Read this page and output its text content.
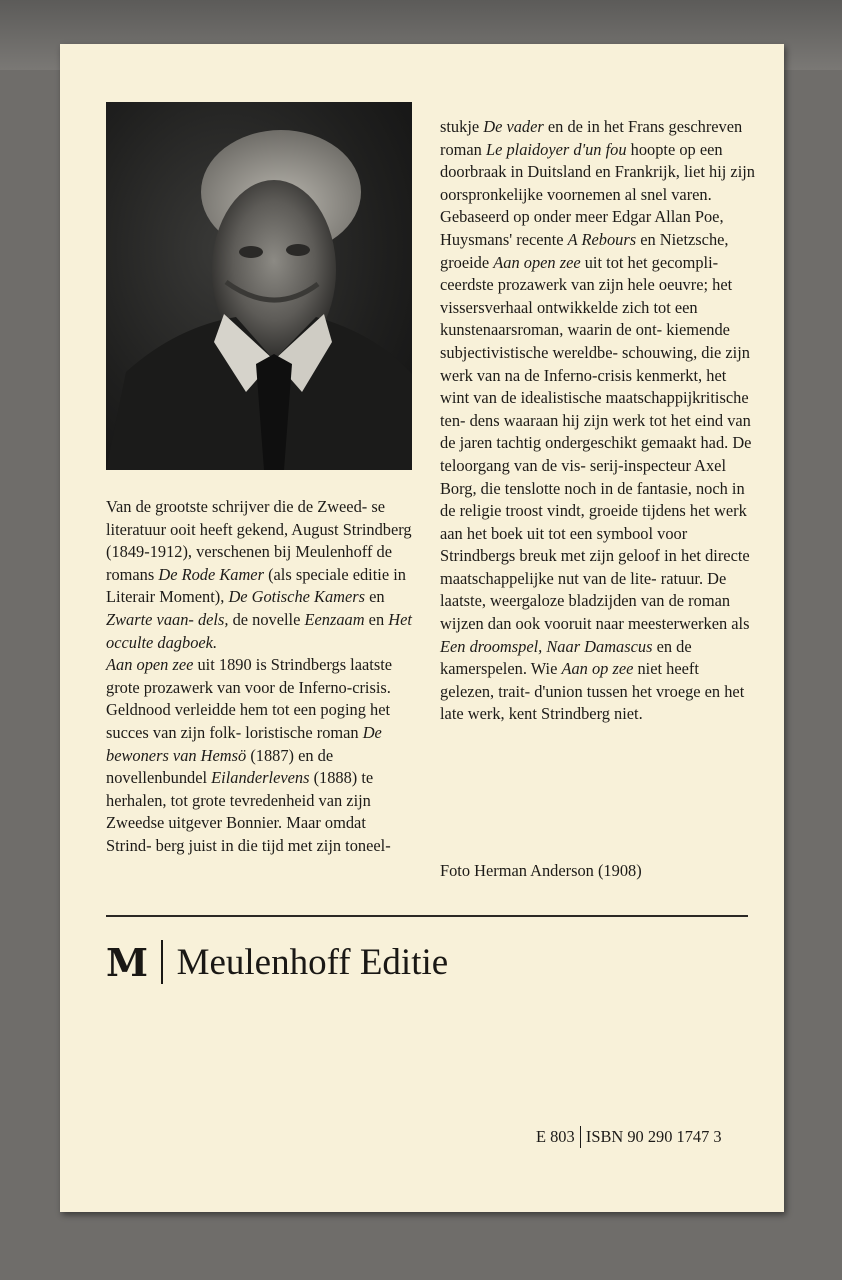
Van de grootste schrijver die de Zweed- se literatuur ooit heeft gekend, August Strindberg (1849-1912), verschenen bij Meulenhoff de romans De Rode Kamer (als speciale editie in Literair Moment), De Gotische Kamers en Zwarte vaan- dels, de novelle Eenzaam en Het occulte dagboek.

Aan open zee uit 1890 is Strindbergs laatste grote prozawerk van voor de Inferno-crisis. Geldnood verleidde hem tot een poging het succes van zijn folk- loristische roman De bewoners van Hemsö (1887) en de novellenbundel Eilanderlevens (1888) te herhalen, tot grote tevredenheid van zijn Zweedse uitgever Bonnier. Maar omdat Strind- berg juist in die tijd met zijn toneel-

stukje De vader en de in het Frans geschreven roman Le plaidoyer d'un fou hoopte op een doorbraak in Duitsland en Frankrijk, liet hij zijn oorspronkelijke voornemen al snel varen. Gebaseerd op onder meer Edgar Allan Poe, Huysmans' recente A Rebours en Nietzsche, groeide Aan open zee uit tot het gecompli- ceerdste prozawerk van zijn hele oeuvre; het vissersverhaal ontwikkelde zich tot een kunstenaarsroman, waarin de ont- kiemende subjectivistische wereldbe- schouwing, die zijn werk van na de Inferno-crisis kenmerkt, het wint van de idealistische maatschappijkritische ten- dens waaraan hij zijn werk tot het eind van de jaren tachtig ondergeschikt gemaakt had. De teloorgang van de vis- serij-inspecteur Axel Borg, die tenslotte noch in de fantasie, noch in de religie troost vindt, groeide tijdens het werk aan het boek uit tot een symbool voor Strindbergs breuk met zijn geloof in het directe maatschappelijke nut van de lite- ratuur. De laatste, weergaloze bladzijden van de roman wijzen dan ook vooruit naar meesterwerken als Een droomspel, Naar Damascus en de kamerspelen. Wie Aan op zee niet heeft gelezen, trait- d'union tussen het vroege en het late werk, kent Strindberg niet.

Foto Herman Anderson (1908)
M Meulenhoff Editie
E 803 ISBN 90 290 1747 3
